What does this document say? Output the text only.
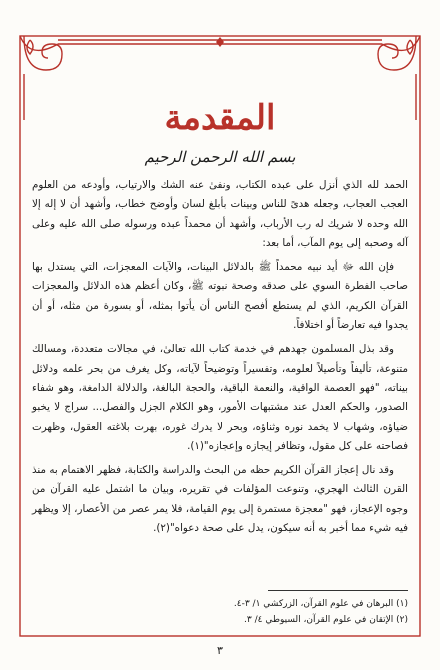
المقدمة
بسم الله الرحمن الرحيم

الحمد لله الذي أنزل على عبده الكتاب، ونفىٰ عنه الشك والارتياب، وأودعه من العلوم العجب العجاب، وجعله هدىً للناس وبينات بأبلغ لسان وأوضح خطاب، وأشهد أن لا إله إلا الله وحده لا شريك له رب الأرباب، وأشهد أن محمداً عبده ورسوله صلى الله عليه وعلى آله وصحبه إلى يوم المآب، أما بعد:

فإن الله ﷻ أيد نبيه محمداً ﷺ بالدلائل البينات، والآيات المعجزات، التي يستدل بها صاحب الفطرة السوي على صدقه وصحة نبوته ﷺ، وكان أعظم هذه الدلائل والمعجزات القرآن الكريم، الذي لم يستطع أفصح الناس أن يأتوا بمثله، أو بسورة من مثله، أو أن يجدوا فيه تعارضاً أو اختلافاً.

وقد بذل المسلمون جهدهم في خدمة كتاب الله تعالىٰ، في مجالات متعددة، ومسالك متنوعة، تأليفاً وتأصيلاً لعلومه، وتفسيراً وتوضيحاً لآياته، وكل يغرف من بحر علمه ودلائل بيناته، "فهو العصمة الواقية، والنعمة الباقية، والحجة البالغة، والدلالة الدامغة، وهو شفاء الصدور، والحكم العدل عند مشتبهات الأمور، وهو الكلام الجزل والفصل... سراج لا يخبو ضياؤه، وشهاب لا يخمد نوره وثناؤه، وبحر لا يدرك غوره، بهرت بلاغته العقول، وظهرت فصاحته على كل مقول، وتظافر إيجازه وإعجازه"(١).

وقد نال إعجاز القرآن الكريم حظه من البحث والدراسة والكتابة، فظهر الاهتمام به منذ القرن الثالث الهجري، وتنوعت المؤلفات في تقريره، وبيان ما اشتمل عليه القرآن من وجوه الإعجاز، فهو "معجزة مستمرة إلى يوم القيامة، فلا يمر عصر من الأعصار، إلا ويظهر فيه شيء مما أخبر به أنه سيكون، يدل على صحة دعواه"(٢).

(١) البرهان في علوم القرآن، الزركشي ١/ ٣-٤.
(٢) الإتقان في علوم القرآن، السيوطي ٤/ ٣.
٣
